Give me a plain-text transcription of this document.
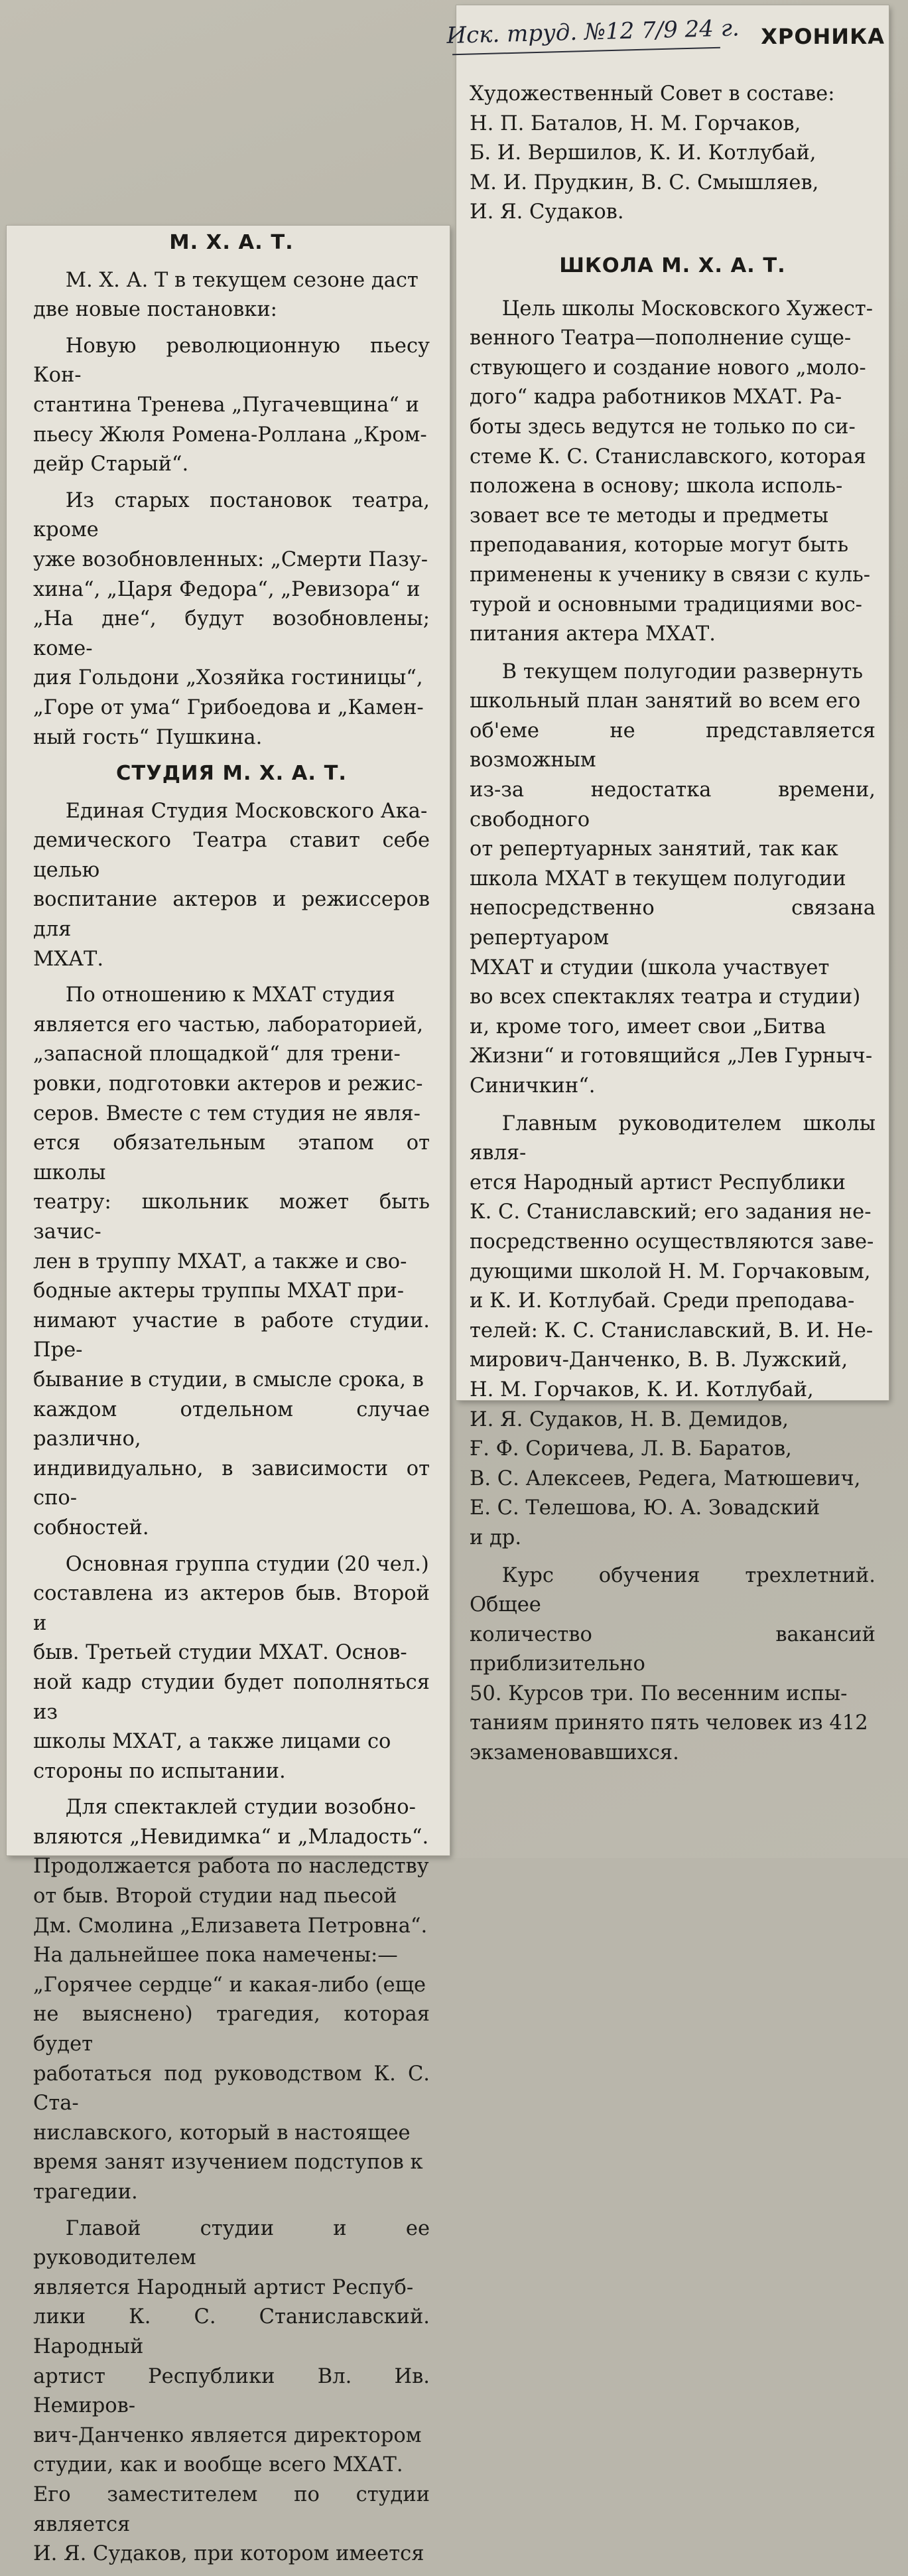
М. Х. А. Т.

М. Х. А. Т в текущем сезоне даст
две новые постановки:

Новую революционную пьесу Кон-
стантина Тренева „Пугачевщина“ и
пьесу Жюля Ромена-Роллана „Кром-
дейр Старый“.

Из старых постановок театра, кроме
уже возобновленных: „Смерти Пазу-
хина“, „Царя Федора“, „Ревизора“ и
„На дне“, будут возобновлены; коме-
дия Гольдони „Хозяйка гостиницы“,
„Горе от ума“ Грибоедова и „Камен-
ный гость“ Пушкина.

СТУДИЯ М. Х. А. Т.

Единая Студия Московского Ака-
демического Театра ставит себе целью
воспитание актеров и режиссеров для
МХАТ.

По отношению к МХАТ студия
является его частью, лабораторией,
„запасной площадкой“ для трени-
ровки, подготовки актеров и режис-
серов. Вместе с тем студия не явля-
ется обязательным этапом от школы
театру: школьник может быть зачис-
лен в труппу МХАТ, а также и сво-
бодные актеры труппы МХАТ при-
нимают участие в работе студии. Пре-
бывание в студии, в смысле срока, в
каждом отдельном случае различно,
индивидуально, в зависимости от спо-
собностей.

Основная группа студии (20 чел.)
составлена из актеров быв. Второй и
быв. Третьей студии МХАТ. Основ-
ной кадр студии будет пополняться из
школы МХАТ, а также лицами со
стороны по испытании.

Для спектаклей студии возобно-
вляются „Невидимка“ и „Младость“.
Продолжается работа по наследству
от быв. Второй студии над пьесой
Дм. Смолина „Елизавета Петровна“.
На дальнейшее пока намечены:—
„Горячее сердце“ и какая-либо (еще
не выяснено) трагедия, которая будет
работаться под руководством К. С. Ста-
ниславского, который в настоящее
время занят изучением подступов к
трагедии.

Главой студии и ее руководителем
является Народный артист Респуб-
лики К. С. Станиславский. Народный
артист Республики Вл. Ив. Немиров-
вич-Данченко является директором
студии, как и вообще всего МХАТ.
Его заместителем по студии является
И. Я. Судаков, при котором имеется

Иск. труд. №12 7/9 24 г. ХРОНИКА

Художественный Совет в составе:
Н. П. Баталов, Н. М. Горчаков,
Б. И. Вершилов, К. И. Котлубай,
М. И. Прудкин, В. С. Смышляев,
И. Я. Судаков.

ШКОЛА М. Х. А. Т.

Цель школы Московского Хужест-
венного Театра—пополнение суще-
ствующего и создание нового „моло-
дого“ кадра работников МХАТ. Ра-
боты здесь ведутся не только по си-
стеме К. С. Станиславского, которая
положена в основу; школа исполь-
зовает все те методы и предметы
преподавания, которые могут быть
применены к ученику в связи с куль-
турой и основными традициями вос-
питания актера МХАТ.

В текущем полугодии развернуть
школьный план занятий во всем его
об'еме не представляется возможным
из-за недостатка времени, свободного
от репертуарных занятий, так как
школа МХАТ в текущем полугодии
непосредственно связана репертуаром
МХАТ и студии (школа участвует
во всех спектаклях театра и студии)
и, кроме того, имеет свои „Битва
Жизни“ и готовящийся „Лев Гурныч-
Синичкин“.

Главным руководителем школы явля-
ется Народный артист Республики
К. С. Станиславский; его задания не-
посредственно осуществляются заве-
дующими школой Н. М. Горчаковым,
и К. И. Котлубай. Среди преподава-
телей: К. С. Станиславский, В. И. Не-
мирович-Данченко, В. В. Лужский,
Н. М. Горчаков, К. И. Котлубай,
И. Я. Судаков, Н. В. Демидов,
Ғ. Ф. Соричева, Л. В. Баратов,
В. С. Алексеев, Редега, Матюшевич,
Е. С. Телешова, Ю. А. Зовадский
и др.

Курс обучения трехлетний. Общее
количество вакансий приблизительно
50. Курсов три. По весенним испы-
таниям принято пять человек из 412
экзаменовавшихся.
